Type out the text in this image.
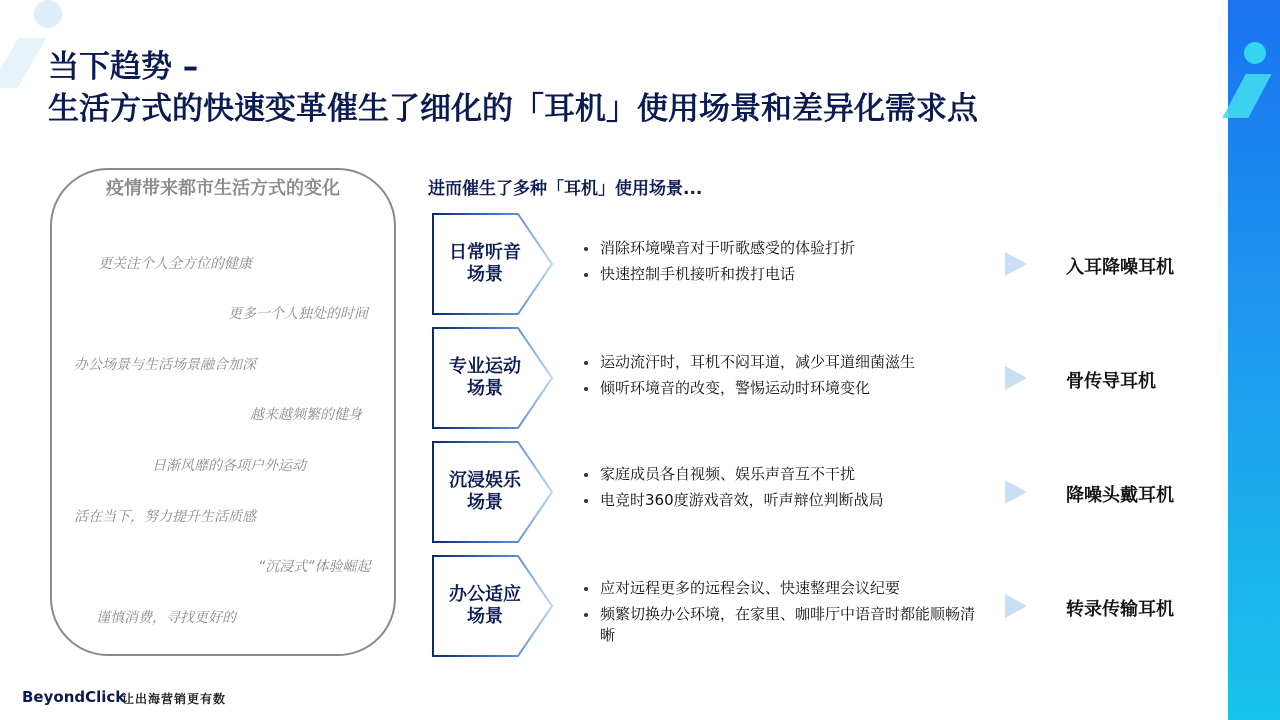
当下趋势 –
生活方式的快速变革催生了细化的「耳机」使用场景和差异化需求点
疫情带来都市生活方式的变化
更关注个人全方位的健康
更多一个人独处的时间
办公场景与生活场景融合加深
越来越频繁的健身
日渐风靡的各项户外运动
活在当下，努力提升生活质感
“沉浸式”体验崛起
谨慎消费，寻找更好的
进而催生了多种「耳机」使用场景...
日常听音
场景
消除环境噪音对于听歌感受的体验打折
快速控制手机接听和拨打电话	入耳降噪耳机
专业运动
场景
运动流汗时，耳机不闷耳道，减少耳道细菌滋生
倾听环境音的改变，警惕运动时环境变化	骨传导耳机
沉浸娱乐
场景
家庭成员各自视频、娱乐声音互不干扰
电竞时360度游戏音效，听声辩位判断战局	降噪头戴耳机
办公适应
场景
应对远程更多的远程会议、快速整理会议纪要
频繁切换办公环境，在家里、咖啡厅中语音时都能顺畅清晰
转录传输耳机
BeyondClick
让出海营销更有数
